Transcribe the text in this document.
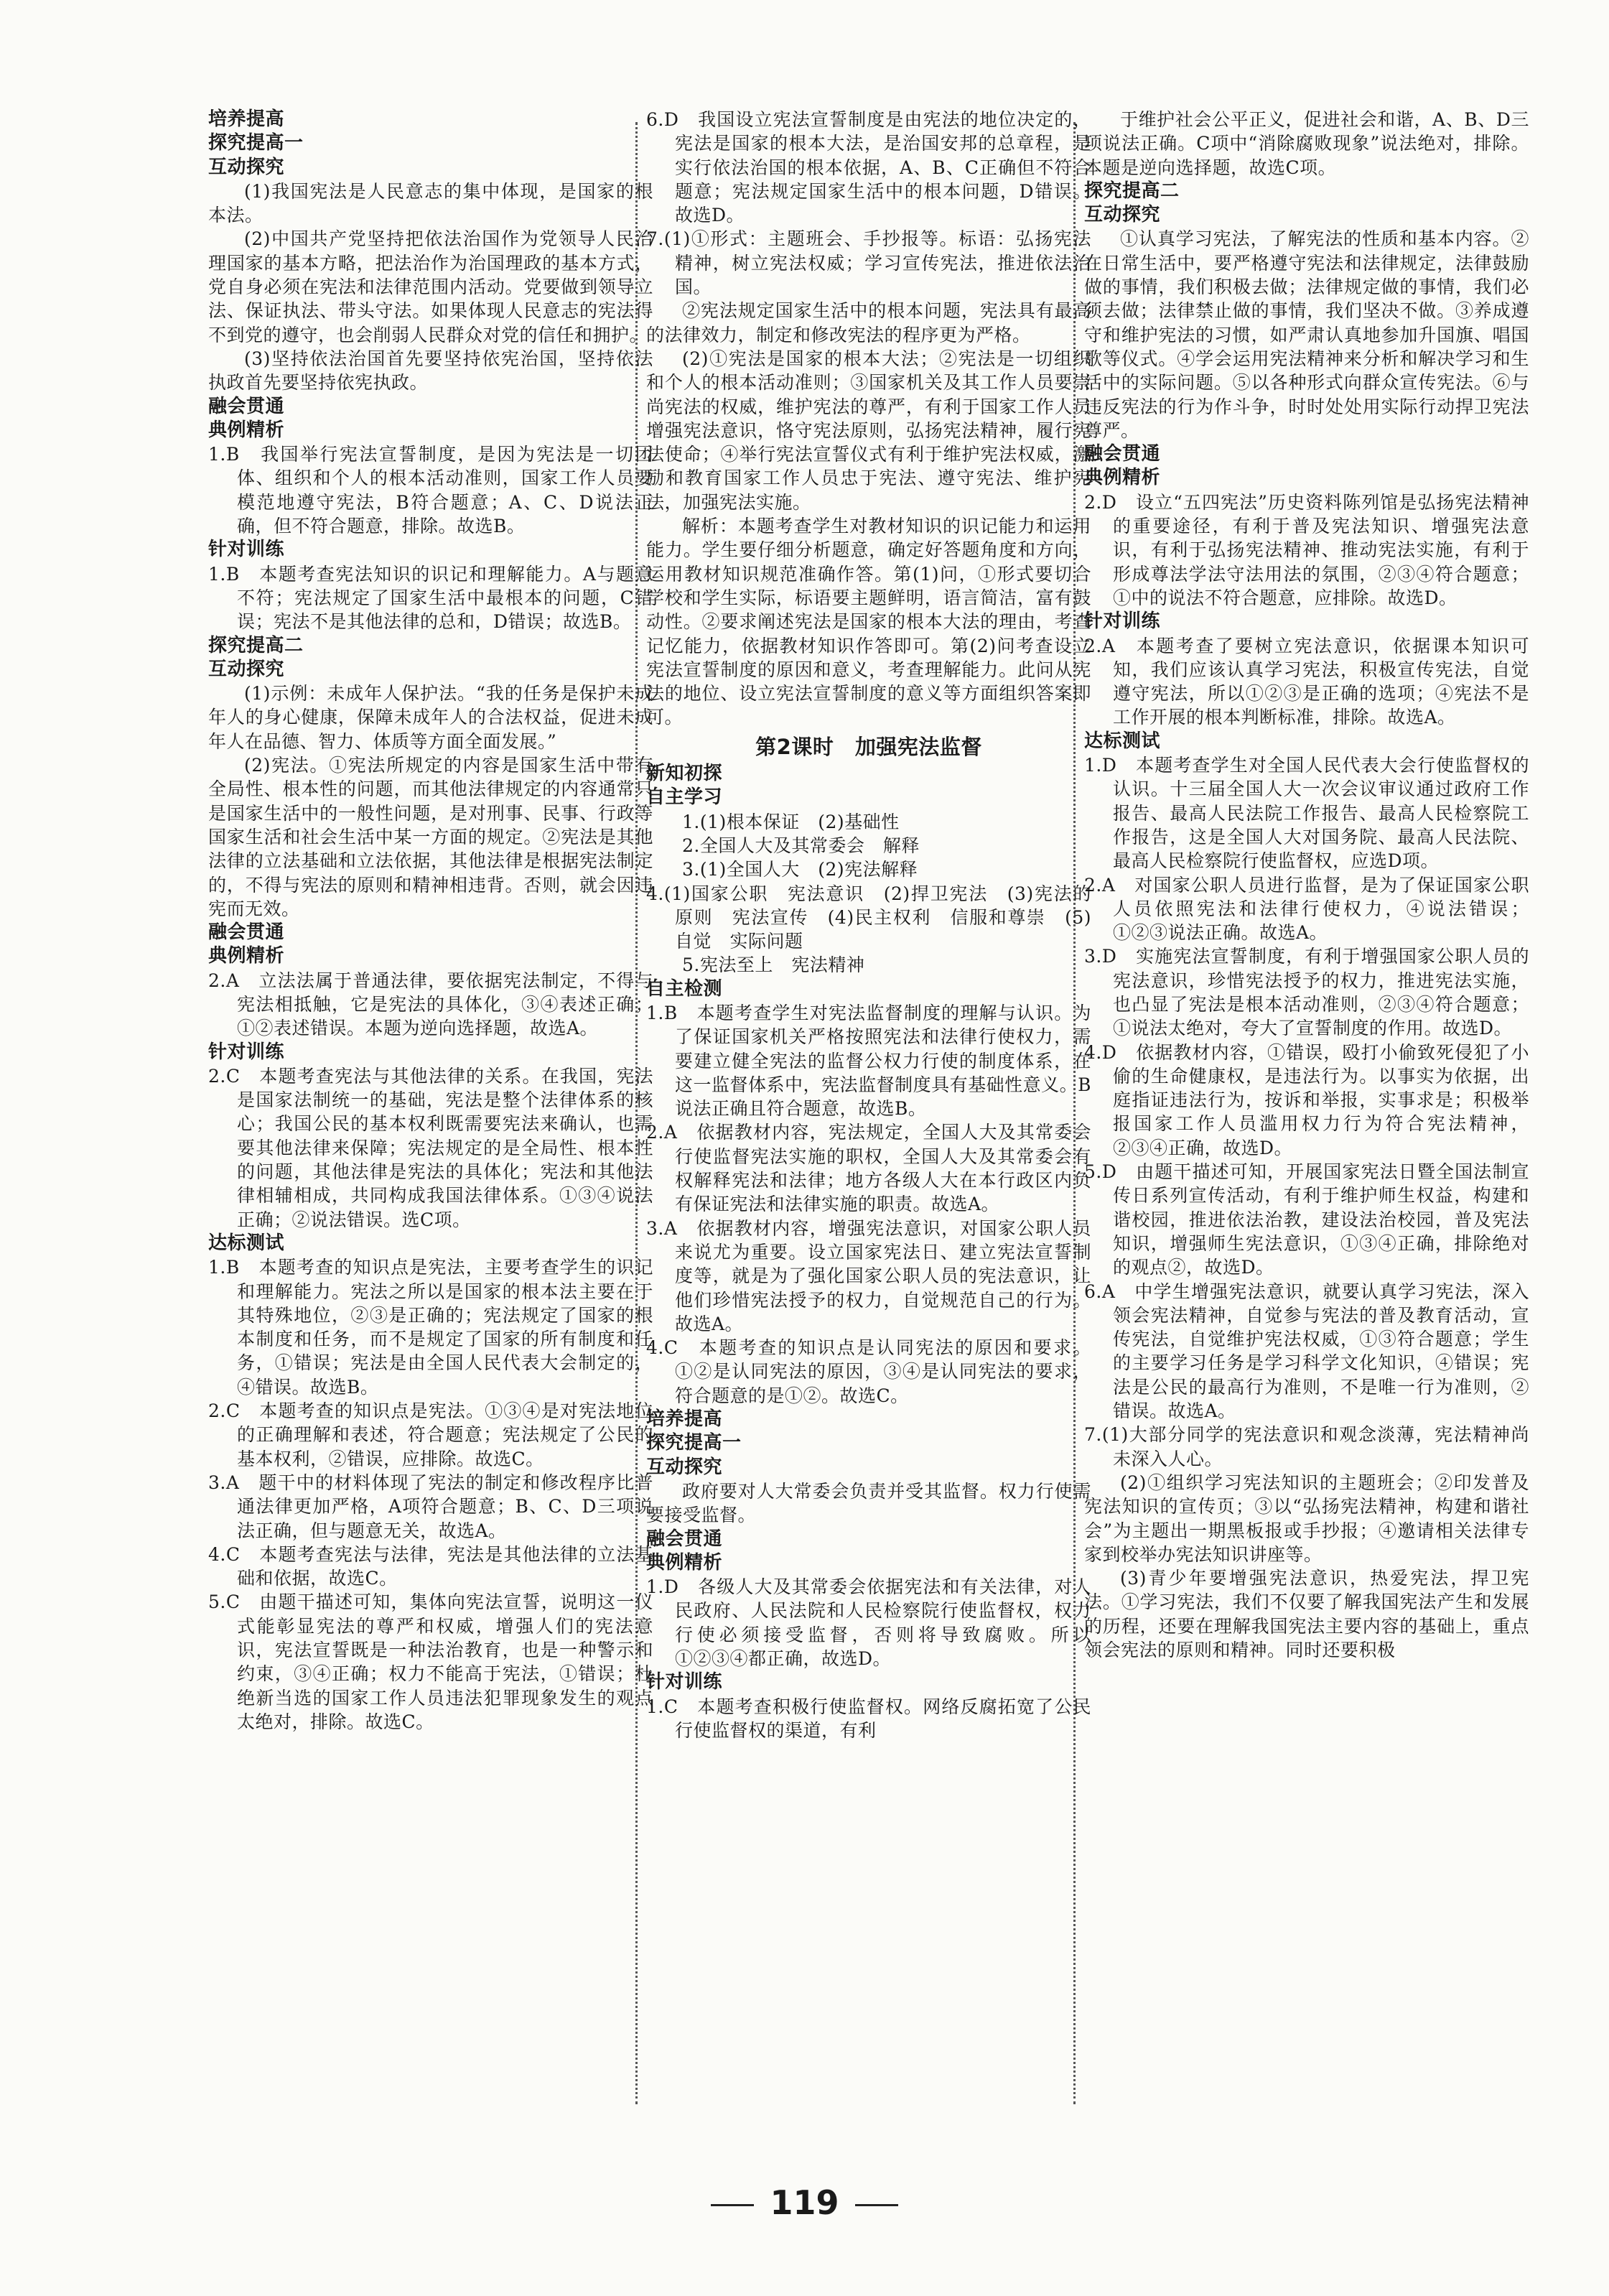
培养提高

探究提高一

互动探究

(1)我国宪法是人民意志的集中体现，是国家的根本法。

(2)中国共产党坚持把依法治国作为党领导人民治理国家的基本方略，把法治作为治国理政的基本方式，党自身必须在宪法和法律范围内活动。党要做到领导立法、保证执法、带头守法。如果体现人民意志的宪法得不到党的遵守，也会削弱人民群众对党的信任和拥护。

(3)坚持依法治国首先要坚持依宪治国，坚持依法执政首先要坚持依宪执政。

融会贯通

典例精析

1.B　我国举行宪法宣誓制度，是因为宪法是一切团体、组织和个人的根本活动准则，国家工作人员要模范地遵守宪法，B符合题意；A、C、D说法正确，但不符合题意，排除。故选B。

针对训练

1.B　本题考查宪法知识的识记和理解能力。A与题意不符；宪法规定了国家生活中最根本的问题，C错误；宪法不是其他法律的总和，D错误；故选B。

探究提高二

互动探究

(1)示例：未成年人保护法。“我的任务是保护未成年人的身心健康，保障未成年人的合法权益，促进未成年人在品德、智力、体质等方面全面发展。”

(2)宪法。①宪法所规定的内容是国家生活中带有全局性、根本性的问题，而其他法律规定的内容通常只是国家生活中的一般性问题，是对刑事、民事、行政等国家生活和社会生活中某一方面的规定。②宪法是其他法律的立法基础和立法依据，其他法律是根据宪法制定的，不得与宪法的原则和精神相违背。否则，就会因违宪而无效。

融会贯通

典例精析

2.A　立法法属于普通法律，要依据宪法制定，不得与宪法相抵触，它是宪法的具体化，③④表述正确；①②表述错误。本题为逆向选择题，故选A。

针对训练

2.C　本题考查宪法与其他法律的关系。在我国，宪法是国家法制统一的基础，宪法是整个法律体系的核心；我国公民的基本权利既需要宪法来确认，也需要其他法律来保障；宪法规定的是全局性、根本性的问题，其他法律是宪法的具体化；宪法和其他法律相辅相成，共同构成我国法律体系。①③④说法正确；②说法错误。选C项。

达标测试

1.B　本题考查的知识点是宪法，主要考查学生的识记和理解能力。宪法之所以是国家的根本法主要在于其特殊地位，②③是正确的；宪法规定了国家的根本制度和任务，而不是规定了国家的所有制度和任务，①错误；宪法是由全国人民代表大会制定的，④错误。故选B。

2.C　本题考查的知识点是宪法。①③④是对宪法地位的正确理解和表述，符合题意；宪法规定了公民的基本权利，②错误，应排除。故选C。

3.A　题干中的材料体现了宪法的制定和修改程序比普通法律更加严格，A项符合题意；B、C、D三项说法正确，但与题意无关，故选A。

4.C　本题考查宪法与法律，宪法是其他法律的立法基础和依据，故选C。

5.C　由题干描述可知，集体向宪法宣誓，说明这一仪式能彰显宪法的尊严和权威，增强人们的宪法意识，宪法宣誓既是一种法治教育，也是一种警示和约束，③④正确；权力不能高于宪法，①错误；杜绝新当选的国家工作人员违法犯罪现象发生的观点太绝对，排除。故选C。

6.D　我国设立宪法宣誓制度是由宪法的地位决定的，宪法是国家的根本大法，是治国安邦的总章程，是实行依法治国的根本依据，A、B、C正确但不符合题意；宪法规定国家生活中的根本问题，D错误。故选D。

7.(1)①形式：主题班会、手抄报等。标语：弘扬宪法精神，树立宪法权威；学习宣传宪法，推进依法治国。

②宪法规定国家生活中的根本问题，宪法具有最高的法律效力，制定和修改宪法的程序更为严格。

(2)①宪法是国家的根本大法；②宪法是一切组织和个人的根本活动准则；③国家机关及其工作人员要崇尚宪法的权威，维护宪法的尊严，有利于国家工作人员增强宪法意识，恪守宪法原则，弘扬宪法精神，履行宪法使命；④举行宪法宣誓仪式有利于维护宪法权威，激励和教育国家工作人员忠于宪法、遵守宪法、维护宪法，加强宪法实施。

解析：本题考查学生对教材知识的识记能力和运用能力。学生要仔细分析题意，确定好答题角度和方向，运用教材知识规范准确作答。第(1)问，①形式要切合学校和学生实际，标语要主题鲜明，语言简洁，富有鼓动性。②要求阐述宪法是国家的根本大法的理由，考查记忆能力，依据教材知识作答即可。第(2)问考查设立宪法宣誓制度的原因和意义，考查理解能力。此问从宪法的地位、设立宪法宣誓制度的意义等方面组织答案即可。

第2课时　加强宪法监督

新知初探

自主学习

1.(1)根本保证　(2)基础性

2.全国人大及其常委会　解释

3.(1)全国人大　(2)宪法解释

4.(1)国家公职　宪法意识　(2)捍卫宪法　(3)宪法的原则　宪法宣传　(4)民主权利　信服和尊崇　(5)自觉　实际问题

5.宪法至上　宪法精神

自主检测

1.B　本题考查学生对宪法监督制度的理解与认识。为了保证国家机关严格按照宪法和法律行使权力，需要建立健全宪法的监督公权力行使的制度体系，在这一监督体系中，宪法监督制度具有基础性意义。B说法正确且符合题意，故选B。

2.A　依据教材内容，宪法规定，全国人大及其常委会行使监督宪法实施的职权，全国人大及其常委会有权解释宪法和法律；地方各级人大在本行政区内负有保证宪法和法律实施的职责。故选A。

3.A　依据教材内容，增强宪法意识，对国家公职人员来说尤为重要。设立国家宪法日、建立宪法宣誓制度等，就是为了强化国家公职人员的宪法意识，让他们珍惜宪法授予的权力，自觉规范自己的行为。故选A。

4.C　本题考查的知识点是认同宪法的原因和要求。①②是认同宪法的原因，③④是认同宪法的要求，符合题意的是①②。故选C。

培养提高

探究提高一

互动探究

政府要对人大常委会负责并受其监督。权力行使需要接受监督。

融会贯通

典例精析

1.D　各级人大及其常委会依据宪法和有关法律，对人民政府、人民法院和人民检察院行使监督权，权力行使必须接受监督，否则将导致腐败。所以①②③④都正确，故选D。

针对训练

1.C　本题考查积极行使监督权。网络反腐拓宽了公民行使监督权的渠道，有利

于维护社会公平正义，促进社会和谐，A、B、D三项说法正确。C项中“消除腐败现象”说法绝对，排除。本题是逆向选择题，故选C项。

探究提高二

互动探究

①认真学习宪法，了解宪法的性质和基本内容。②在日常生活中，要严格遵守宪法和法律规定，法律鼓励做的事情，我们积极去做；法律规定做的事情，我们必须去做；法律禁止做的事情，我们坚决不做。③养成遵守和维护宪法的习惯，如严肃认真地参加升国旗、唱国歌等仪式。④学会运用宪法精神来分析和解决学习和生活中的实际问题。⑤以各种形式向群众宣传宪法。⑥与违反宪法的行为作斗争，时时处处用实际行动捍卫宪法尊严。

融会贯通

典例精析

2.D　设立“五四宪法”历史资料陈列馆是弘扬宪法精神的重要途径，有利于普及宪法知识、增强宪法意识，有利于弘扬宪法精神、推动宪法实施，有利于形成尊法学法守法用法的氛围，②③④符合题意；①中的说法不符合题意，应排除。故选D。

针对训练

2.A　本题考查了要树立宪法意识，依据课本知识可知，我们应该认真学习宪法，积极宣传宪法，自觉遵守宪法，所以①②③是正确的选项；④宪法不是工作开展的根本判断标准，排除。故选A。

达标测试

1.D　本题考查学生对全国人民代表大会行使监督权的认识。十三届全国人大一次会议审议通过政府工作报告、最高人民法院工作报告、最高人民检察院工作报告，这是全国人大对国务院、最高人民法院、最高人民检察院行使监督权，应选D项。

2.A　对国家公职人员进行监督，是为了保证国家公职人员依照宪法和法律行使权力，④说法错误；①②③说法正确。故选A。

3.D　实施宪法宣誓制度，有利于增强国家公职人员的宪法意识，珍惜宪法授予的权力，推进宪法实施，也凸显了宪法是根本活动准则，②③④符合题意；①说法太绝对，夸大了宣誓制度的作用。故选D。

4.D　依据教材内容，①错误，殴打小偷致死侵犯了小偷的生命健康权，是违法行为。以事实为依据，出庭指证违法行为，按诉和举报，实事求是；积极举报国家工作人员滥用权力行为符合宪法精神，②③④正确，故选D。

5.D　由题干描述可知，开展国家宪法日暨全国法制宣传日系列宣传活动，有利于维护师生权益，构建和谐校园，推进依法治教，建设法治校园，普及宪法知识，增强师生宪法意识，①③④正确，排除绝对的观点②，故选D。

6.A　中学生增强宪法意识，就要认真学习宪法，深入领会宪法精神，自觉参与宪法的普及教育活动，宣传宪法，自觉维护宪法权威，①③符合题意；学生的主要学习任务是学习科学文化知识，④错误；宪法是公民的最高行为准则，不是唯一行为准则，②错误。故选A。

7.(1)大部分同学的宪法意识和观念淡薄，宪法精神尚未深入人心。

(2)①组织学习宪法知识的主题班会；②印发普及宪法知识的宣传页；③以“弘扬宪法精神，构建和谐社会”为主题出一期黑板报或手抄报；④邀请相关法律专家到校举办宪法知识讲座等。

(3)青少年要增强宪法意识，热爱宪法，捍卫宪法。①学习宪法，我们不仅要了解我国宪法产生和发展的历程，还要在理解我国宪法主要内容的基础上，重点领会宪法的原则和精神。同时还要积极

119
